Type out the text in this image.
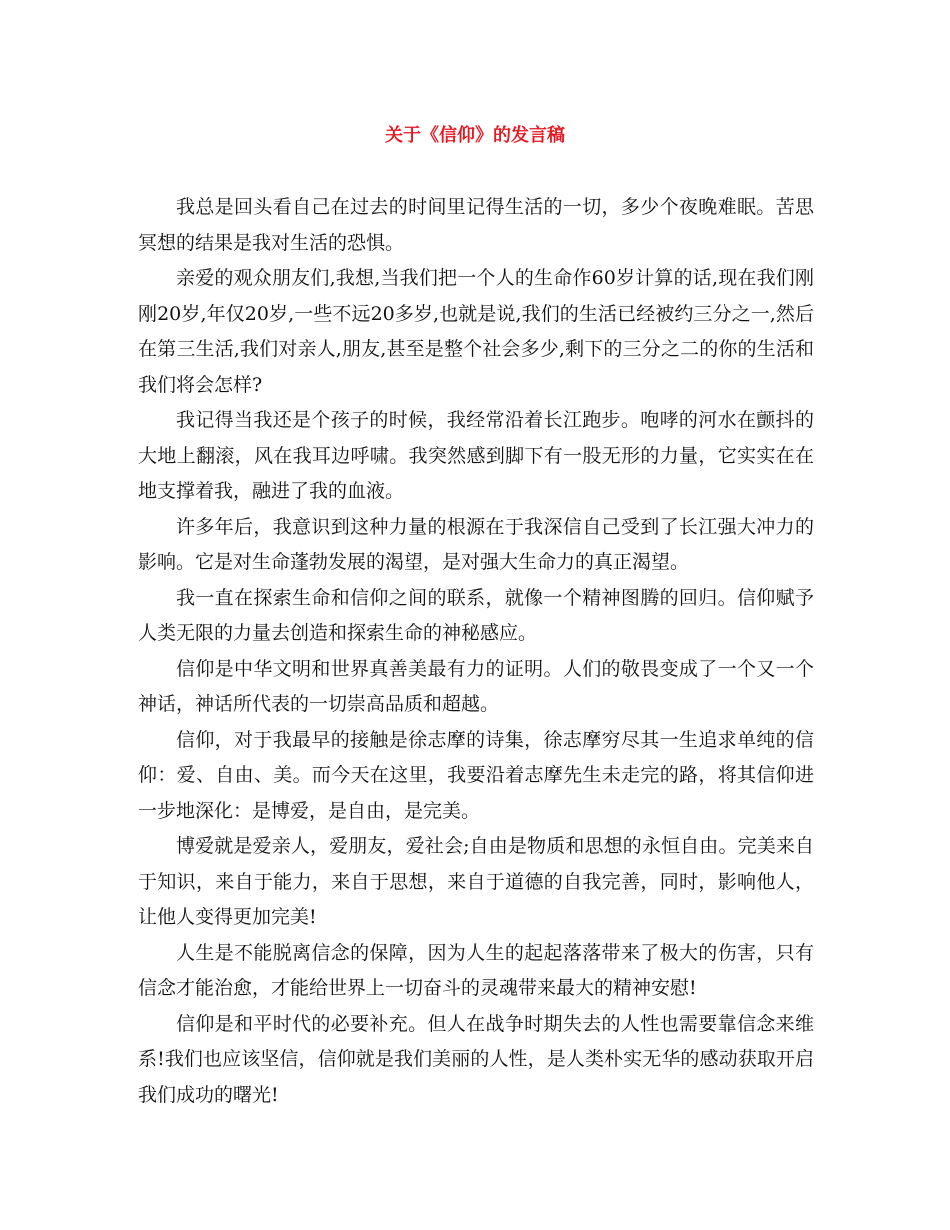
关于《信仰》的发言稿

我总是回头看自己在过去的时间里记得生活的一切，多少个夜晚难眠。苦思冥想的结果是我对生活的恐惧。

亲爱的观众朋友们,我想,当我们把一个人的生命作60岁计算的话,现在我们刚刚20岁,年仅20岁,一些不远20多岁,也就是说,我们的生活已经被约三分之一,然后在第三生活,我们对亲人,朋友,甚至是整个社会多少,剩下的三分之二的你的生活和我们将会怎样?

我记得当我还是个孩子的时候，我经常沿着长江跑步。咆哮的河水在颤抖的大地上翻滚，风在我耳边呼啸。我突然感到脚下有一股无形的力量，它实实在在地支撑着我，融进了我的血液。

许多年后，我意识到这种力量的根源在于我深信自己受到了长江强大冲力的影响。它是对生命蓬勃发展的渴望，是对强大生命力的真正渴望。

我一直在探索生命和信仰之间的联系，就像一个精神图腾的回归。信仰赋予人类无限的力量去创造和探索生命的神秘感应。

信仰是中华文明和世界真善美最有力的证明。人们的敬畏变成了一个又一个神话，神话所代表的一切崇高品质和超越。

信仰，对于我最早的接触是徐志摩的诗集，徐志摩穷尽其一生追求单纯的信仰：爱、自由、美。而今天在这里，我要沿着志摩先生未走完的路，将其信仰进一步地深化：是博爱，是自由，是完美。

博爱就是爱亲人，爱朋友，爱社会;自由是物质和思想的永恒自由。完美来自于知识，来自于能力，来自于思想，来自于道德的自我完善，同时，影响他人，让他人变得更加完美!

人生是不能脱离信念的保障，因为人生的起起落落带来了极大的伤害，只有信念才能治愈，才能给世界上一切奋斗的灵魂带来最大的精神安慰!

信仰是和平时代的必要补充。但人在战争时期失去的人性也需要靠信念来维系!我们也应该坚信，信仰就是我们美丽的人性，是人类朴实无华的感动获取开启我们成功的曙光!
